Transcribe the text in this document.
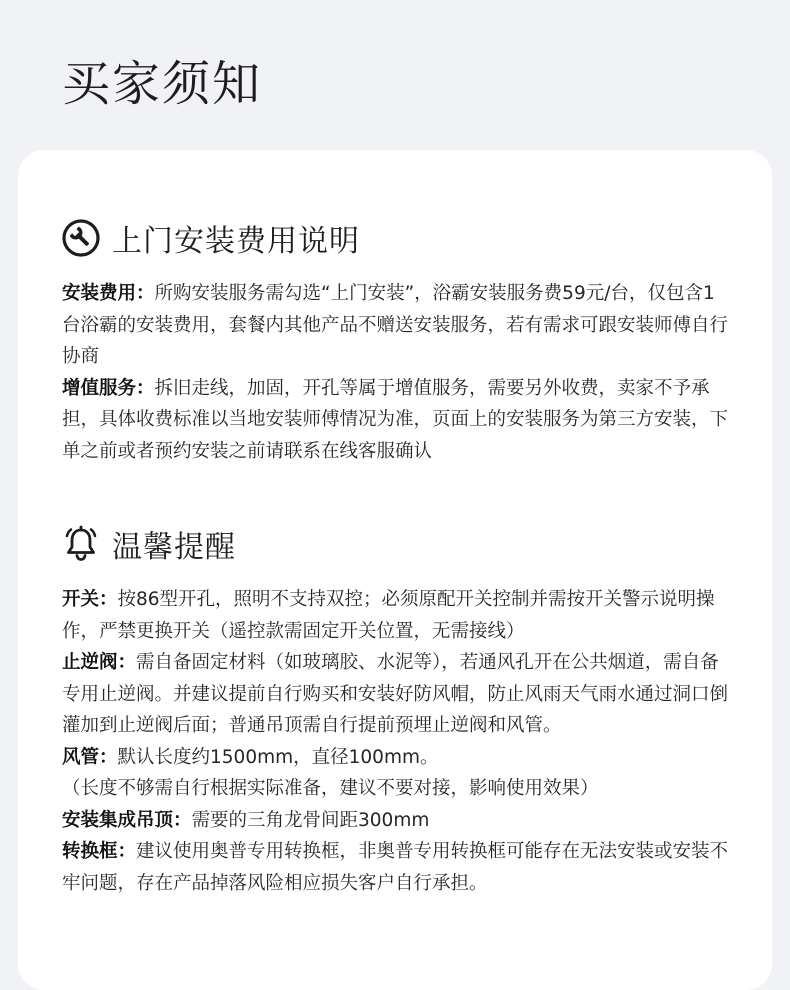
买家须知
上门安装费用说明

安装费用：所购安装服务需勾选“上门安装”，浴霸安装服务费59元/台，仅包含1台浴霸的安装费用，套餐内其他产品不赠送安装服务，若有需求可跟安装师傅自行协商

增值服务：拆旧走线，加固，开孔等属于增值服务，需要另外收费，卖家不予承担，具体收费标准以当地安装师傅情况为准，页面上的安装服务为第三方安装，下单之前或者预约安装之前请联系在线客服确认

温馨提醒

开关：按86型开孔，照明不支持双控；必须原配开关控制并需按开关警示说明操作，严禁更换开关（遥控款需固定开关位置，无需接线）

止逆阀：需自备固定材料（如玻璃胶、水泥等），若通风孔开在公共烟道，需自备专用止逆阀。并建议提前自行购买和安装好防风帽，防止风雨天气雨水通过洞口倒灌加到止逆阀后面；普通吊顶需自行提前预埋止逆阀和风管。

风管：默认长度约1500mm，直径100mm。

（长度不够需自行根据实际准备，建议不要对接，影响使用效果）

安装集成吊顶：需要的三角龙骨间距300mm

转换框：建议使用奥普专用转换框，非奥普专用转换框可能存在无法安装或安装不牢问题，存在产品掉落风险相应损失客户自行承担。
